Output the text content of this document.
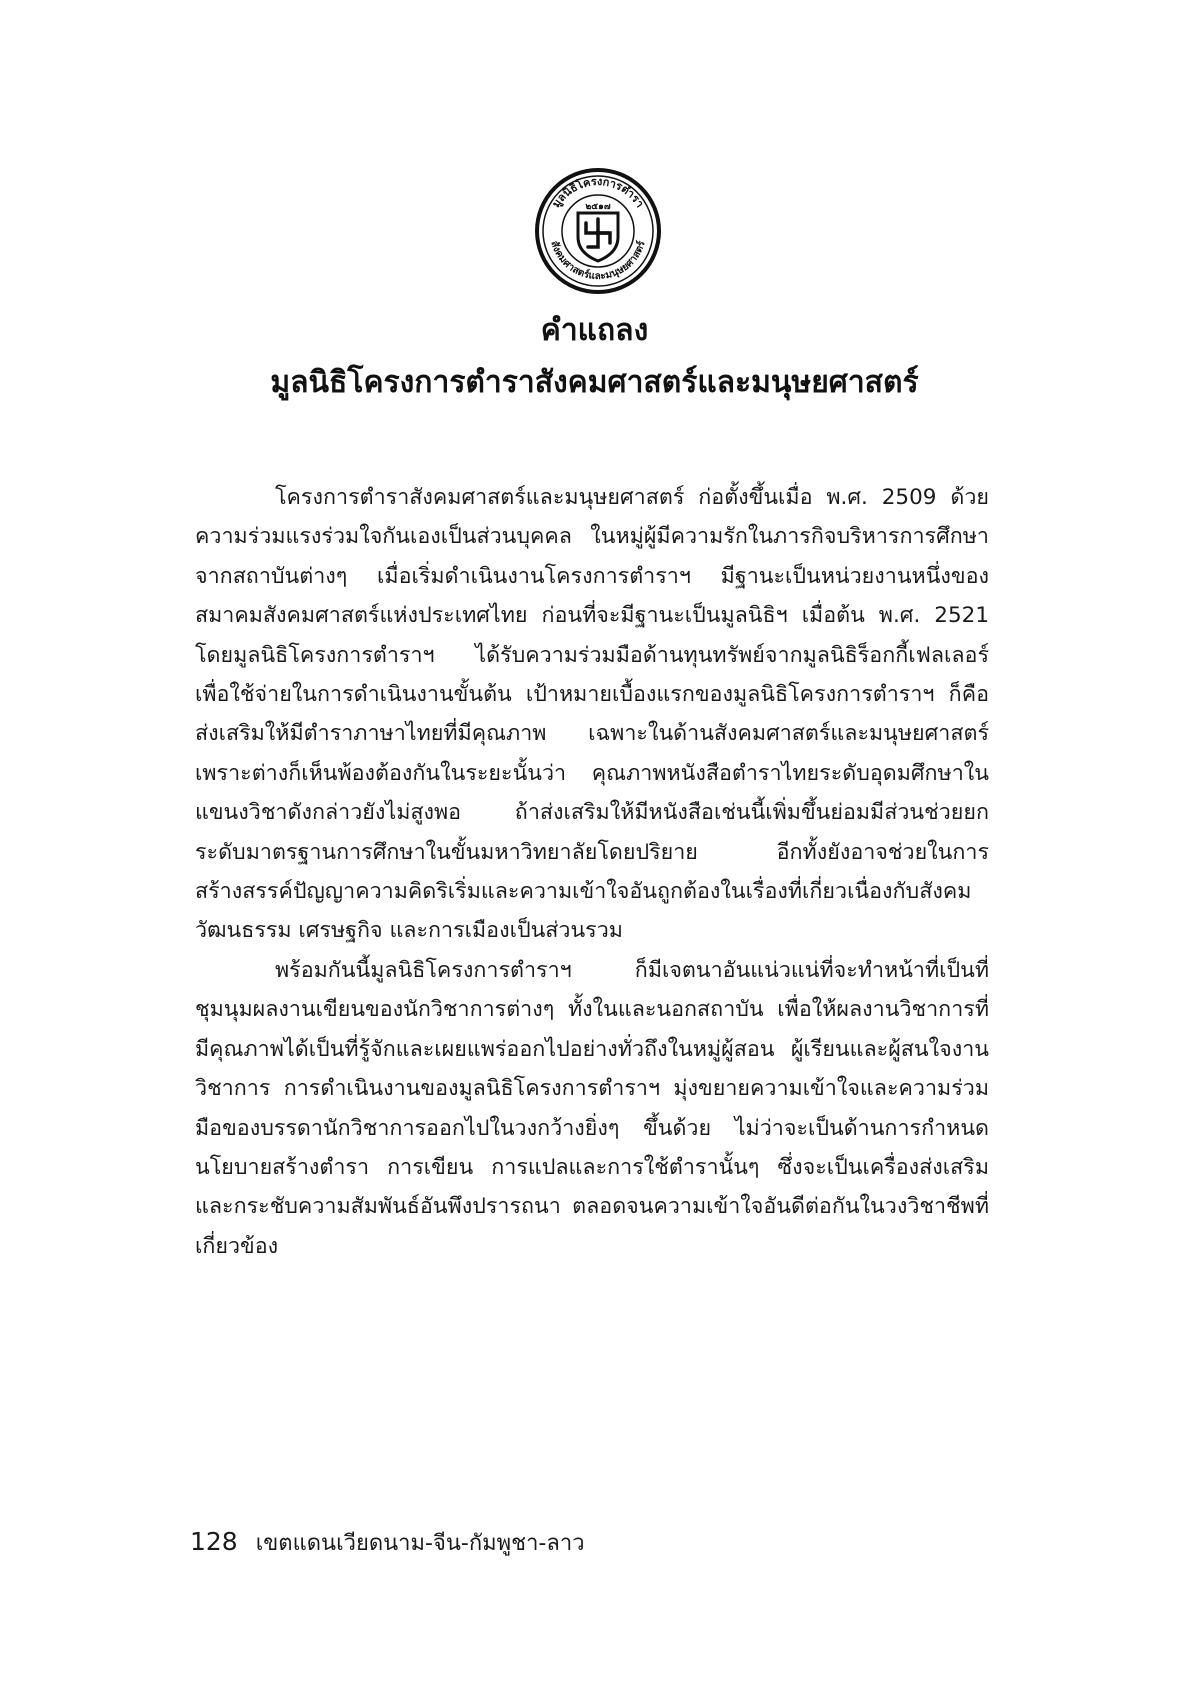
มูลนิธิโครงการตำรา
สังคมศาสตร์และมนุษยศาสตร์
๒๕๑๗
คำแถลง
มูลนิธิโครงการตำราสังคมศาสตร์และมนุษยศาสตร์

โครงการตำราสังคมศาสตร์และมนุษยศาสตร์ ก่อตั้งขึ้นเมื่อ พ.ศ. 2509 ด้วยความร่วมแรงร่วมใจกันเองเป็นส่วนบุคคล ในหมู่ผู้มีความรักในภารกิจบริหารการศึกษาจากสถาบันต่างๆ เมื่อเริ่มดำเนินงานโครงการตำราฯ มีฐานะเป็นหน่วยงานหนึ่งของสมาคมสังคมศาสตร์แห่งประเทศไทย ก่อนที่จะมีฐานะเป็นมูลนิธิฯ เมื่อต้น พ.ศ. 2521 โดยมูลนิธิโครงการตำราฯ ได้รับความร่วมมือด้านทุนทรัพย์จากมูลนิธิร็อกกี้เฟลเลอร์เพื่อใช้จ่ายในการดำเนินงานขั้นต้น เป้าหมายเบื้องแรกของมูลนิธิโครงการตำราฯ ก็คือ ส่งเสริมให้มีตำราภาษาไทยที่มีคุณภาพ เฉพาะในด้านสังคมศาสตร์และมนุษยศาสตร์ เพราะต่างก็เห็นพ้องต้องกันในระยะนั้นว่า คุณภาพหนังสือตำราไทยระดับอุดมศึกษาในแขนงวิชาดังกล่าวยังไม่สูงพอ ถ้าส่งเสริมให้มีหนังสือเช่นนี้เพิ่มขึ้นย่อมมีส่วนช่วยยกระดับมาตรฐานการศึกษาในขั้นมหาวิทยาลัยโดยปริยาย อีกทั้งยังอาจช่วยในการสร้างสรรค์ปัญญาความคิดริเริ่มและความเข้าใจอันถูกต้องในเรื่องที่เกี่ยวเนื่องกับสังคม วัฒนธรรม เศรษฐกิจ และการเมืองเป็นส่วนรวม

พร้อมกันนี้มูลนิธิโครงการตำราฯ ก็มีเจตนาอันแน่วแน่ที่จะทำหน้าที่เป็นที่ชุมนุมผลงานเขียนของนักวิชาการต่างๆ ทั้งในและนอกสถาบัน เพื่อให้ผลงานวิชาการที่มีคุณภาพได้เป็นที่รู้จักและเผยแพร่ออกไปอย่างทั่วถึงในหมู่ผู้สอน ผู้เรียนและผู้สนใจงานวิชาการ การดำเนินงานของมูลนิธิโครงการตำราฯ มุ่งขยายความเข้าใจและความร่วมมือของบรรดานักวิชาการออกไปในวงกว้างยิ่งๆ ขึ้นด้วย ไม่ว่าจะเป็นด้านการกำหนดนโยบายสร้างตำรา การเขียน การแปลและการใช้ตำรานั้นๆ ซึ่งจะเป็นเครื่องส่งเสริมและกระชับความสัมพันธ์อันพึงปรารถนา ตลอดจนความเข้าใจอันดีต่อกันในวงวิชาชีพที่เกี่ยวข้อง

128 เขตแดนเวียดนาม-จีน-กัมพูชา-ลาว
